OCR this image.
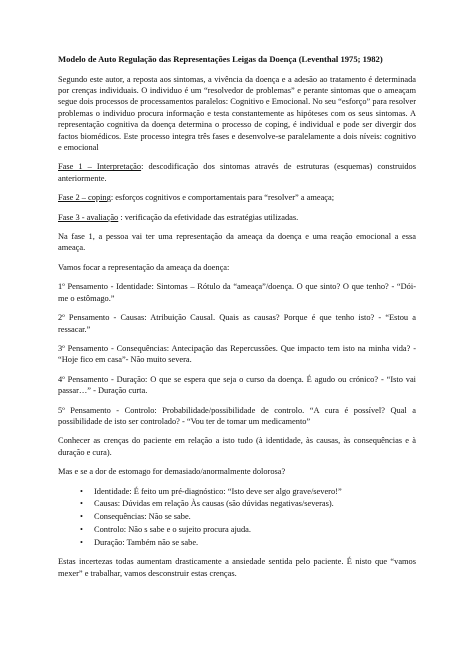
Modelo de Auto Regulação das Representações Leigas da Doença (Leventhal 1975; 1982)

Segundo este autor, a reposta aos sintomas, a vivência da doença e a adesão ao tratamento é determinada por crenças individuais. O individuo é um “resolvedor de problemas” e perante sintomas que o ameaçam segue dois processos de processamentos paralelos: Cognitivo e Emocional. No seu “esforço” para resolver problemas o individuo procura informação e testa constantemente as hipóteses com os seus sintomas. A representação cognitiva da doença determina o processo de coping, é individual e pode ser divergir dos factos biomédicos. Este processo integra três fases e desenvolve-se paralelamente a dois níveis: cognitivo e emocional

Fase 1 – Interpretação: descodificação dos sintomas através de estruturas (esquemas) construidos anteriormente.

Fase 2 – coping: esforços cognitivos e comportamentais para “resolver” a ameaça;

Fase 3 - avaliação : verificação da efetividade das estratégias utilizadas.

Na fase 1, a pessoa vai ter uma representação da ameaça da doença e uma reação emocional a essa ameaça.

Vamos focar a representação da ameaça da doença:

1º Pensamento - Identidade: Sintomas – Rótulo da “ameaça”/doença. O que sinto? O que tenho? - “Dói-me o estômago.”

2º Pensamento - Causas: Atribuição Causal. Quais as causas? Porque é que tenho isto? - “Estou a ressacar.”

3º Pensamento - Consequências: Antecipação das Repercussões. Que impacto tem isto na minha vida? - “Hoje fico em casa”- Não muito severa.

4º Pensamento - Duração: O que se espera que seja o curso da doença. É agudo ou crónico? - “Isto vai passar…” - Duração curta.

5º Pensamento - Controlo: Probabilidade/possibilidade de controlo. “A cura é possível? Qual a possibilidade de isto ser controlado? - “Vou ter de tomar um medicamento”

Conhecer as crenças do paciente em relação a isto tudo (à identidade, às causas, às consequências e à duração e cura).

Mas e se a dor de estomago for demasiado/anormalmente dolorosa?

• Identidade: É feito um pré-diagnóstico: “Isto deve ser algo grave/severo!”
• Causas: Dúvidas em relação Às causas (são dúvidas negativas/severas).
• Consequências: Não se sabe.
• Controlo: Não s sabe e o sujeito procura ajuda.
• Duração: Também não se sabe.

Estas incertezas todas aumentam drasticamente a ansiedade sentida pelo paciente. É nisto que “vamos mexer” e trabalhar, vamos desconstruir estas crenças.
